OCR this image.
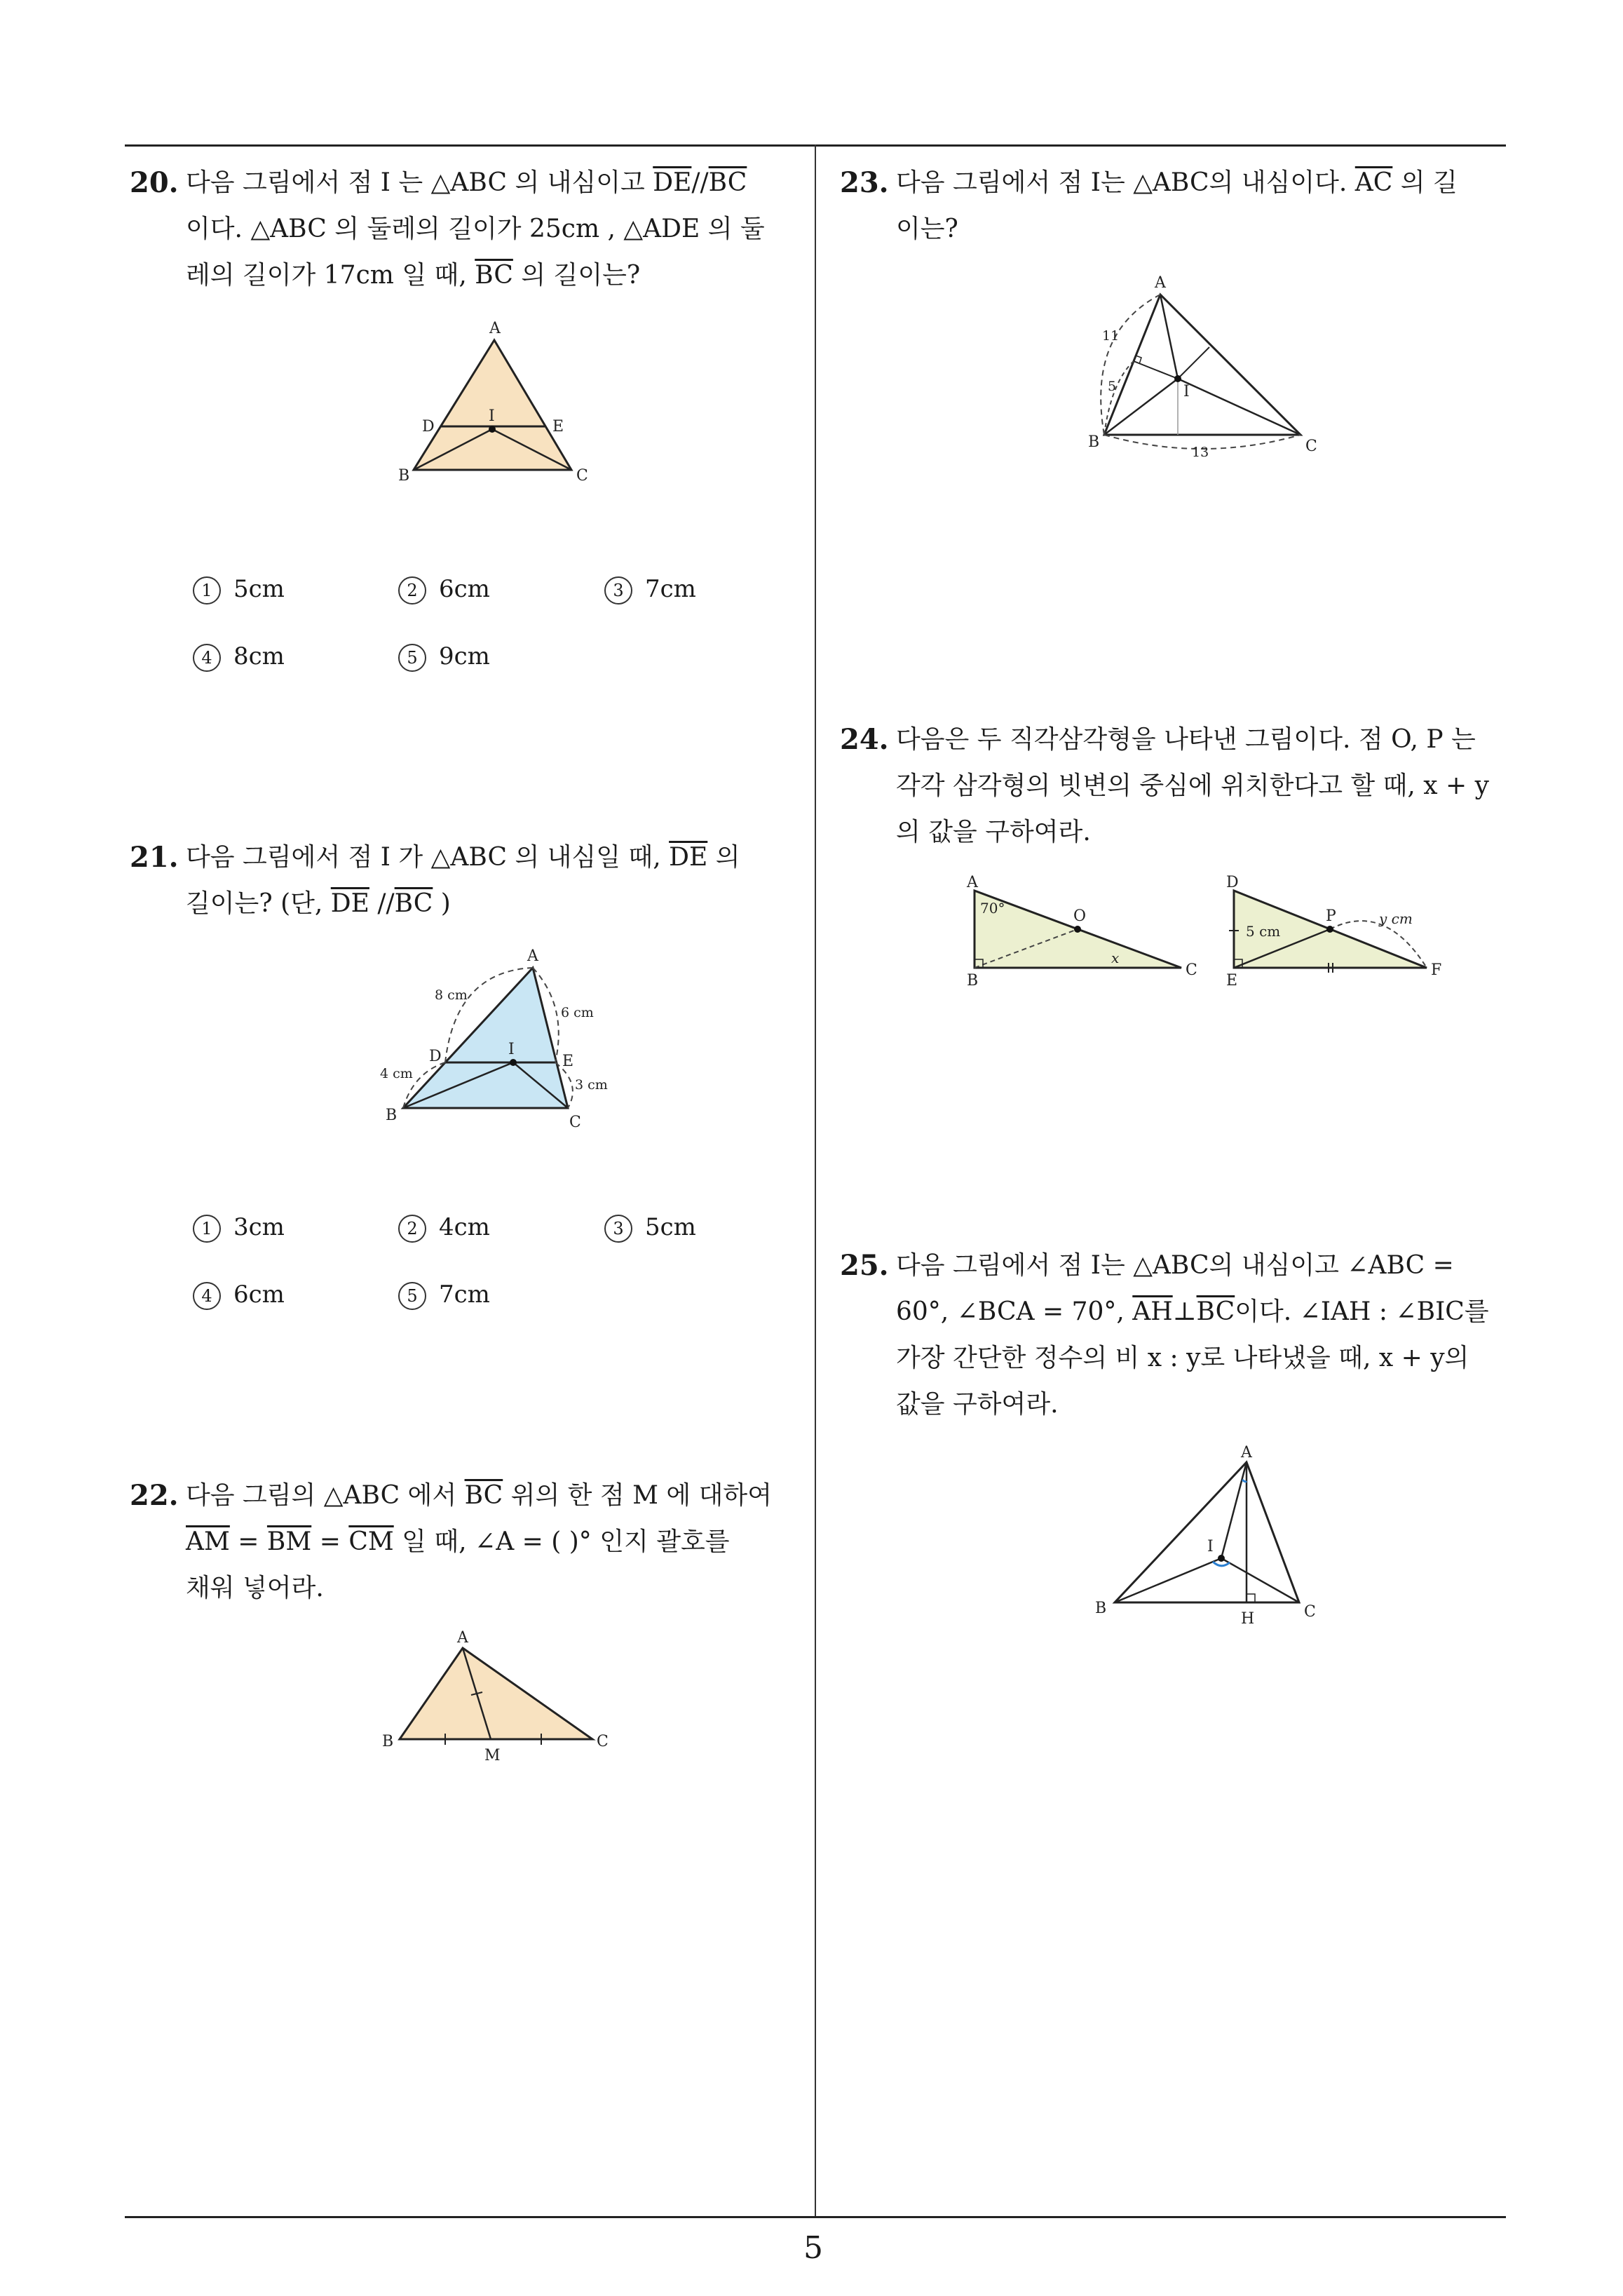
20. 다음 그림에서 점 I 는 △ABC 의 내심이고 $\overline{DE}//\overline{BC}$
이다. △ABC 의 둘레의 길이가 25cm , △ADE 의 둘
레의 길이가 17cm 일 때, $\overline{BC}$ 의 길이는?
A
B	C
D	E
I
1 5cm	2 6cm	3 7cm
4 8cm	5 9cm
21. 다음 그림에서 점 I 가 △ABC 의 내심일 때, $\overline{DE}$ 의
길이는? (단, $\overline{DE}$ $//\overline{BC}$ )
A
B	C
D	E
I
8 cm
6 cm
4 cm
3 cm
1 3cm	2 4cm	3 5cm
4 6cm	5 7cm
22. 다음 그림의 △ABC 에서 $\overline{BC}$ 위의 한 점 M 에 대하여
$\overline{AM} = \overline{BM} = \overline{CM}$ 일 때, ∠A = ( )° 인지 괄호를
채워 넣어라.
A
B	C
M
23. 다음 그림에서 점 I는 △ABC의 내심이다. $\overline{AC}$ 의 길
이는?
A
B	C
I
11
5
13
24. 다음은 두 직각삼각형을 나타낸 그림이다. 점 O, P 는
각각 삼각형의 빗변의 중심에 위치한다고 할 때, x + y
의 값을 구하여라.
A
B
C
O
70°
x
D
E
F
P
5 cm
y cm
25. 다음 그림에서 점 I는 △ABC의 내심이고 ∠ABC =
60°, ∠BCA = 70°, $\overline{AH}\perp\overline{BC}$이다. ∠IAH : ∠BIC를
가장 간단한 정수의 비 x : y로 나타냈을 때, x + y의
값을 구하여라.
A
B	C
H
I
5
